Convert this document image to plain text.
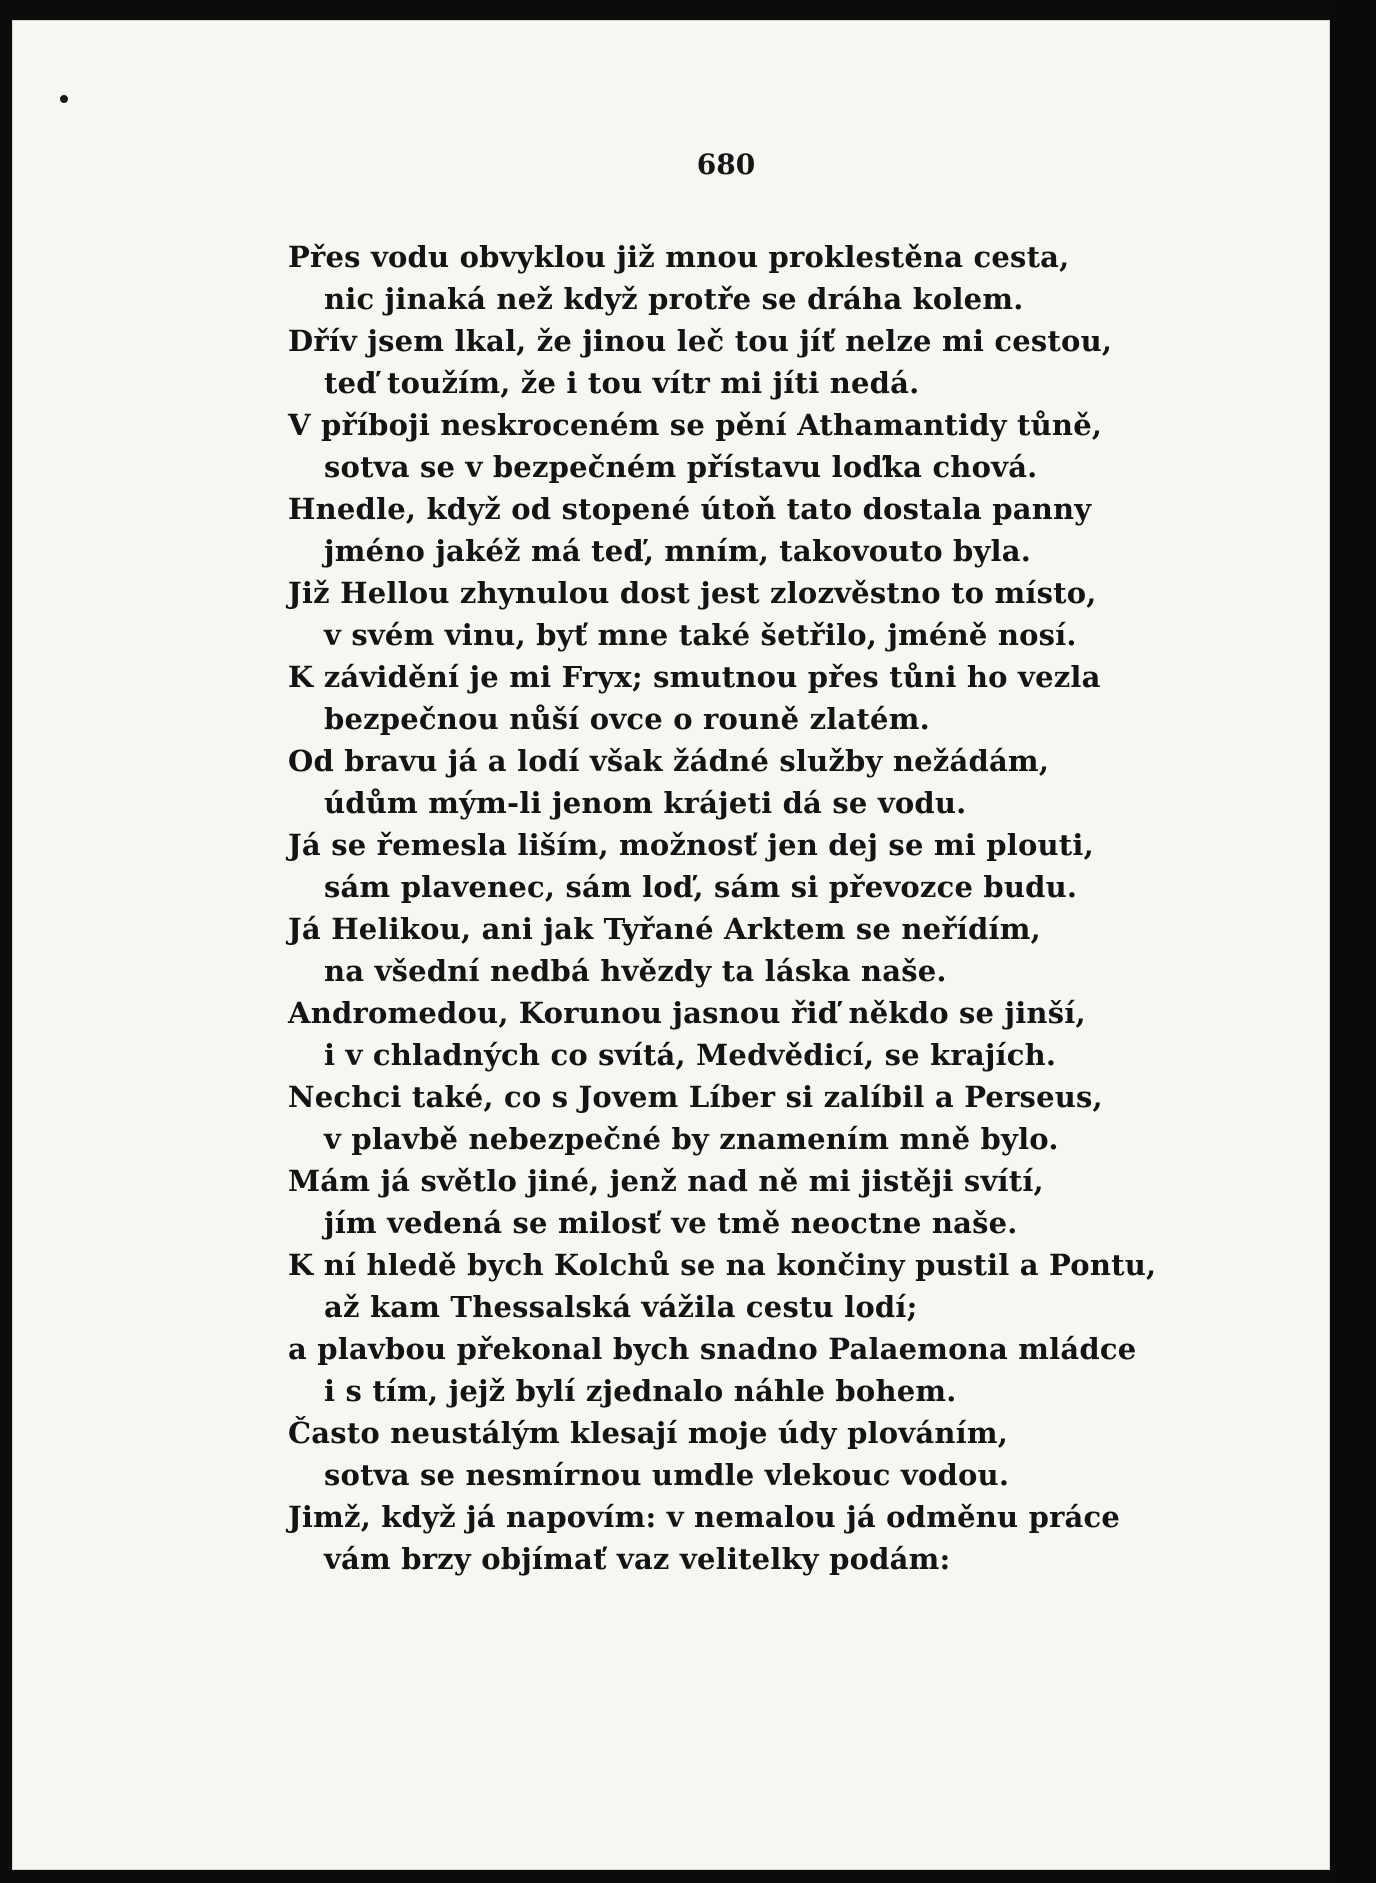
680
Přes vodu obvyklou již mnou proklestěna cesta,
nic jinaká než když protře se dráha kolem.
Dřív jsem lkal, že jinou leč tou jíť nelze mi cestou,
teď toužím, že i tou vítr mi jíti nedá.
V příboji neskroceném se pění Athamantidy tůně,
sotva se v bezpečném přístavu loďka chová.
Hnedle, když od stopené útoň tato dostala panny
jméno jakéž má teď, mním, takovouto byla.
Již Hellou zhynulou dost jest zlozvěstno to místo,
v svém vinu, byť mne také šetřilo, jméně nosí.
K závidění je mi Fryx; smutnou přes tůni ho vezla
bezpečnou nůší ovce o rouně zlatém.
Od bravu já a lodí však žádné služby nežádám,
údům mým-li jenom krájeti dá se vodu.
Já se řemesla liším, možnosť jen dej se mi plouti,
sám plavenec, sám loď, sám si převozce budu.
Já Helikou, ani jak Tyřané Arktem se neřídím,
na všední nedbá hvězdy ta láska naše.
Andromedou, Korunou jasnou řiď někdo se jinší,
i v chladných co svítá, Medvědicí, se krajích.
Nechci také, co s Jovem Líber si zalíbil a Perseus,
v plavbě nebezpečné by znamením mně bylo.
Mám já světlo jiné, jenž nad ně mi jistěji svítí,
jím vedená se milosť ve tmě neoctne naše.
K ní hledě bych Kolchů se na končiny pustil a Pontu,
až kam Thessalská vážila cestu lodí;
a plavbou překonal bych snadno Palaemona mládce
i s tím, jejž bylí zjednalo náhle bohem.
Často neustálým klesají moje údy plováním,
sotva se nesmírnou umdle vlekouc vodou.
Jimž, když já napovím: v nemalou já odměnu práce
vám brzy objímať vaz velitelky podám:
